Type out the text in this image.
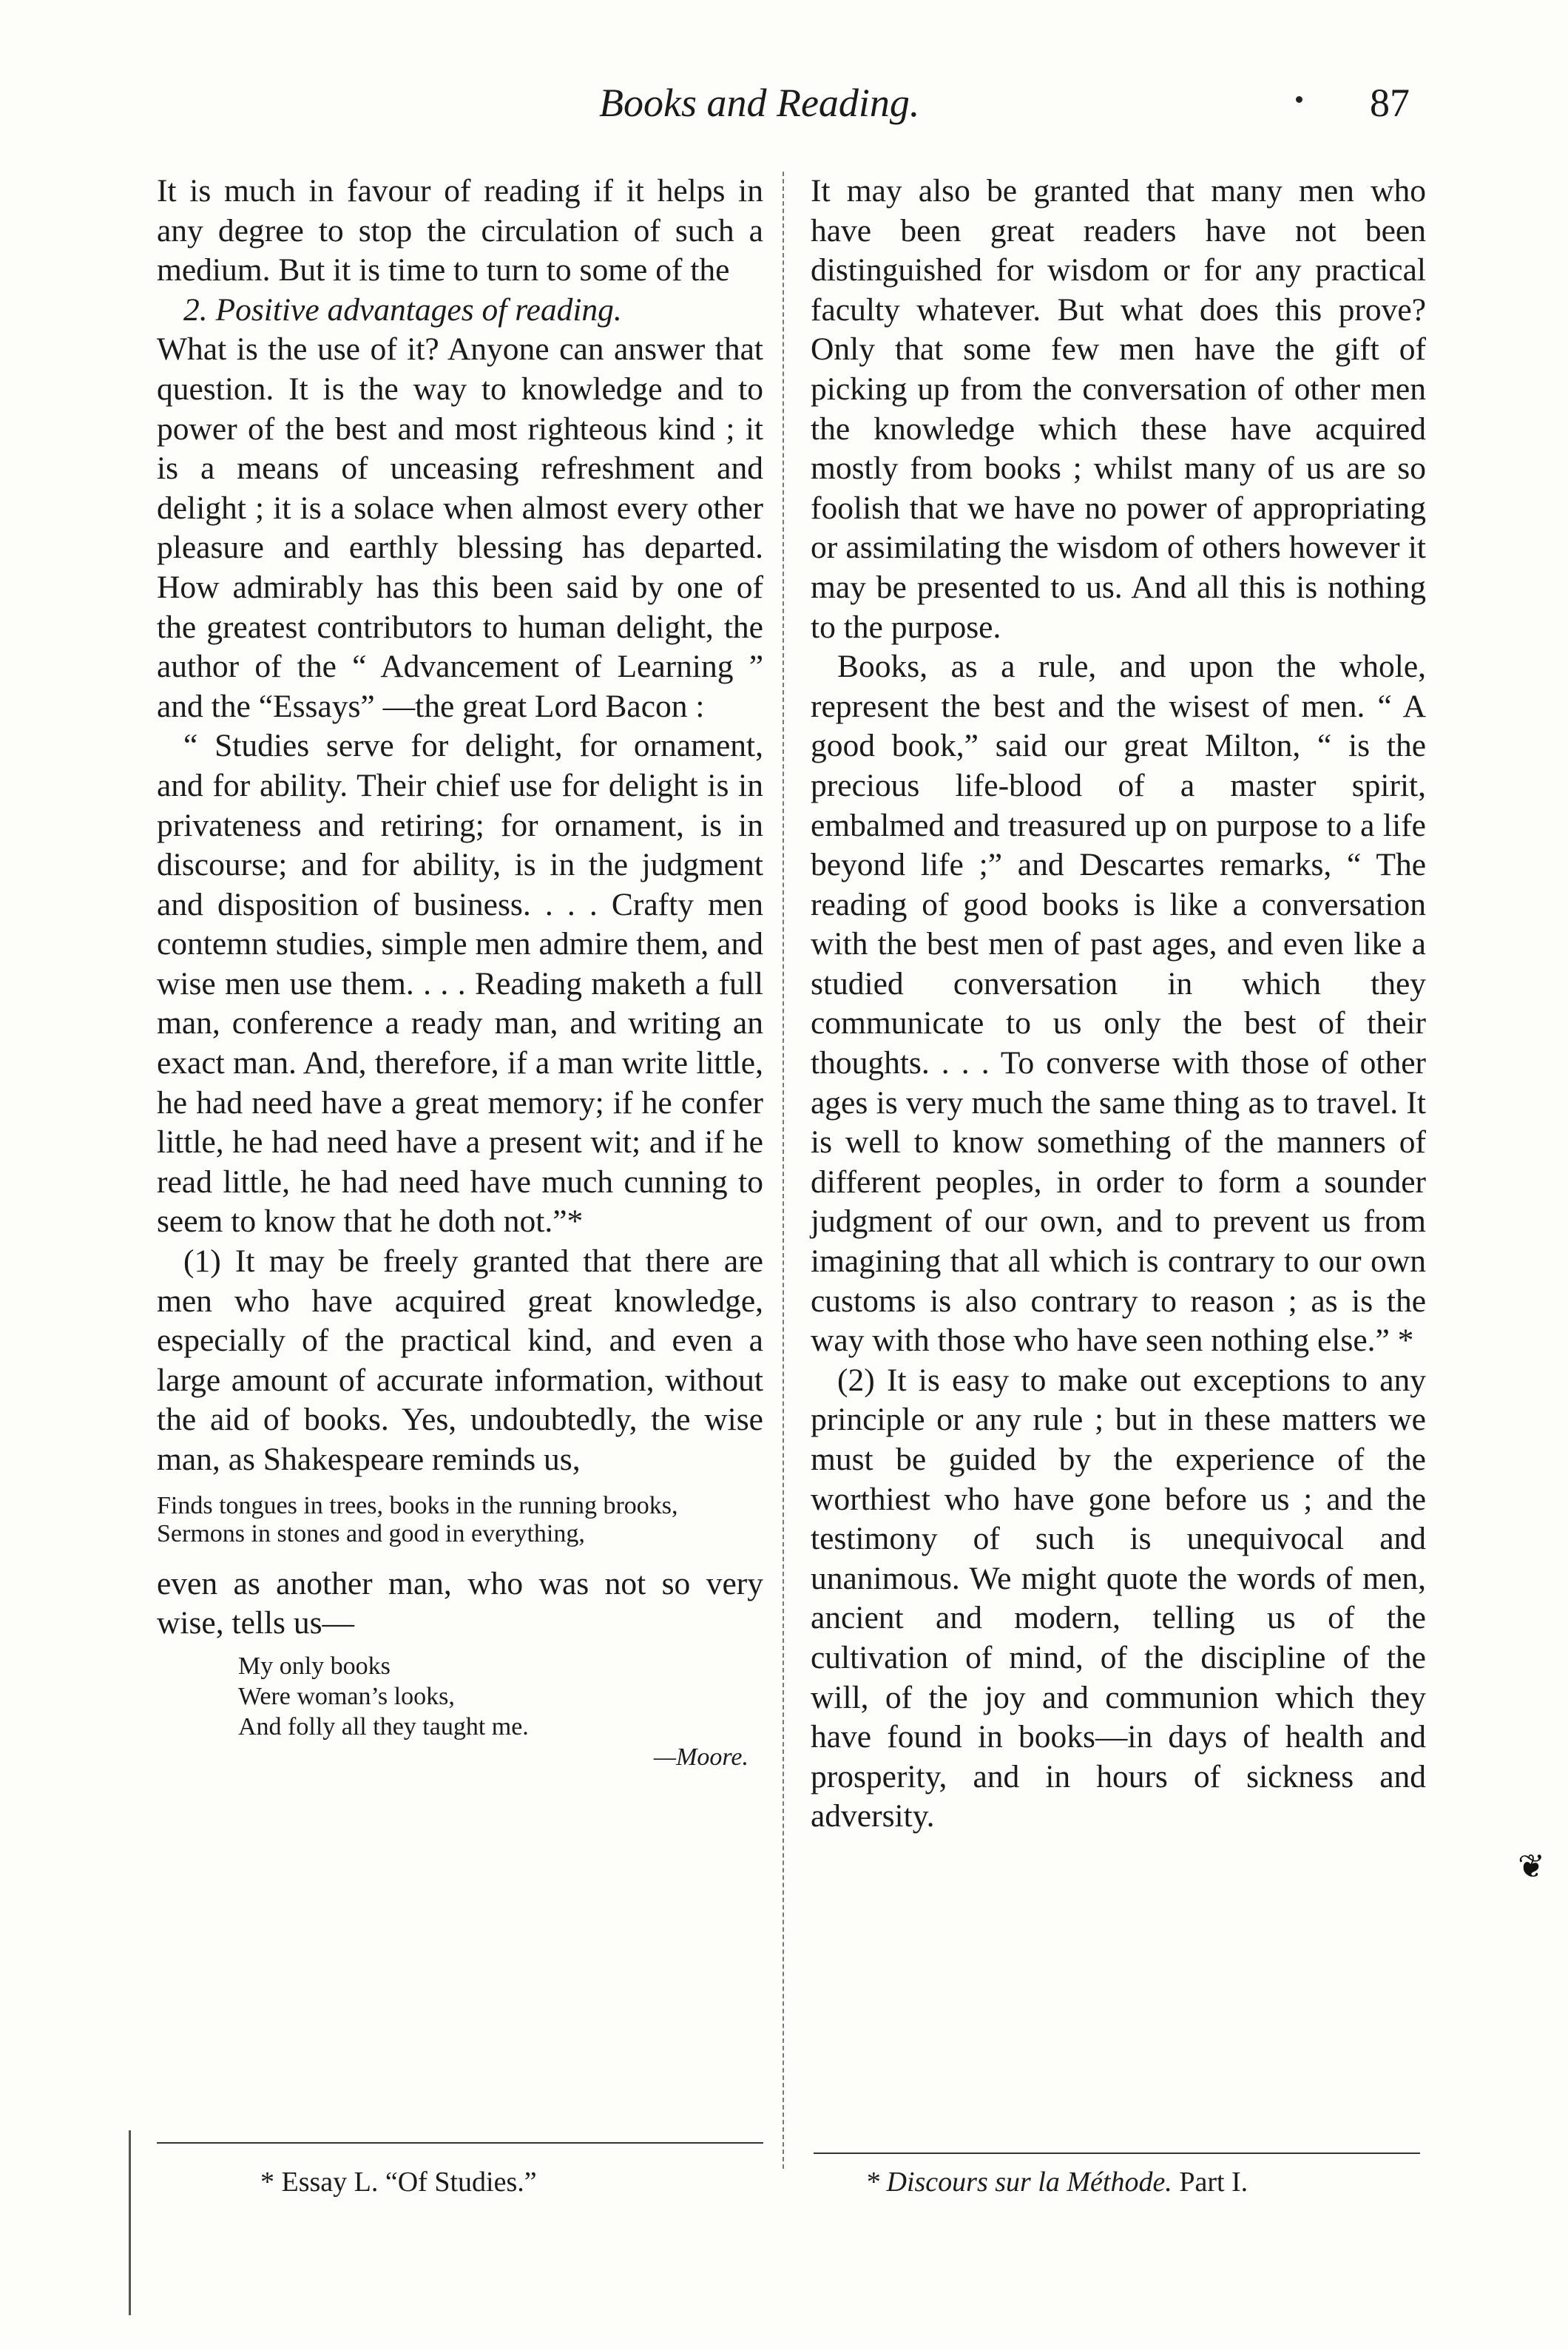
Books and Reading.	87

It is much in favour of reading if it helps in any degree to stop the circulation of such a medium. But it is time to turn to some of the

2. Positive advantages of reading.

What is the use of it? Anyone can answer that question. It is the way to knowledge and to power of the best and most righteous kind ; it is a means of unceasing refreshment and delight ; it is a solace when almost every other pleasure and earthly blessing has departed. How admirably has this been said by one of the greatest contributors to human delight, the author of the “ Advancement of Learning ” and the “Essays” —the great Lord Bacon :

“ Studies serve for delight, for ornament, and for ability. Their chief use for delight is in privateness and retiring; for ornament, is in discourse; and for ability, is in the judgment and disposition of business. . . . Crafty men contemn studies, simple men admire them, and wise men use them. . . . Reading maketh a full man, conference a ready man, and writing an exact man. And, therefore, if a man write little, he had need have a great memory; if he confer little, he had need have a present wit; and if he read little, he had need have much cunning to seem to know that he doth not.”*

(1) It may be freely granted that there are men who have acquired great knowledge, especially of the practical kind, and even a large amount of accurate information, without the aid of books. Yes, undoubtedly, the wise man, as Shakespeare reminds us,

Finds tongues in trees, books in the running brooks,
Sermons in stones and good in everything,

even as another man, who was not so very wise, tells us—

My only books
Were woman’s looks,
And folly all they taught me.
—Moore.

It may also be granted that many men who have been great readers have not been distinguished for wisdom or for any practical faculty whatever. But what does this prove? Only that some few men have the gift of picking up from the conversation of other men the knowledge which these have acquired mostly from books ; whilst many of us are so foolish that we have no power of appropriating or assimilating the wisdom of others however it may be presented to us. And all this is nothing to the purpose.

Books, as a rule, and upon the whole, represent the best and the wisest of men. “ A good book,” said our great Milton, “ is the precious life-blood of a master spirit, embalmed and treasured up on purpose to a life beyond life ;” and Descartes remarks, “ The reading of good books is like a conversation with the best men of past ages, and even like a studied conversation in which they communicate to us only the best of their thoughts. . . . To converse with those of other ages is very much the same thing as to travel. It is well to know something of the manners of different peoples, in order to form a sounder judgment of our own, and to prevent us from imagining that all which is contrary to our own customs is also contrary to reason ; as is the way with those who have seen nothing else.” *

(2) It is easy to make out exceptions to any principle or any rule ; but in these matters we must be guided by the experience of the worthiest who have gone before us ; and the testimony of such is unequivocal and unanimous. We might quote the words of men, ancient and modern, telling us of the cultivation of mind, of the discipline of the will, of the joy and communion which they have found in books—in days of health and prosperity, and in hours of sickness and adversity.

* Essay L. “Of Studies.”	* Discours sur la Méthode. Part I.
❦
